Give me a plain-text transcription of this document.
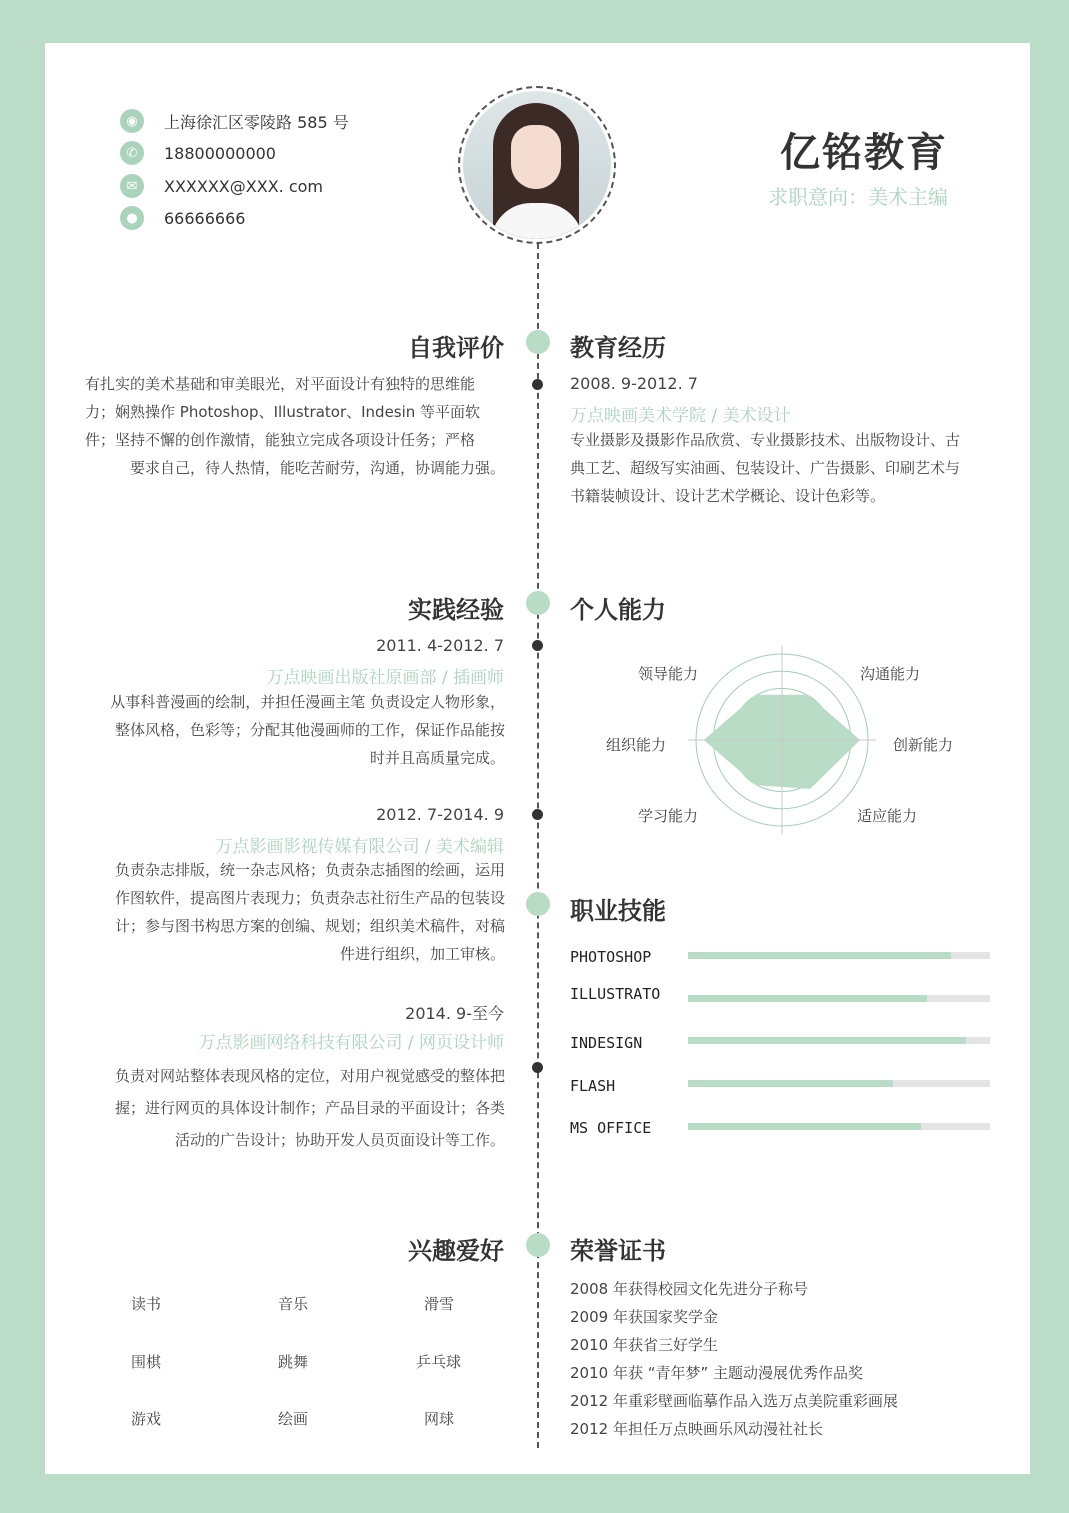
◉	上海徐汇区零陵路 585 号
✆	18800000000
✉	XXXXXX@XXX. com
●	66666666
亿铭教育
求职意向：美术主编
自我评价
有扎实的美术基础和审美眼光，对平面设计有独特的思维能
力；娴熟操作 Photoshop、Illustrator、Indesin 等平面软
件；坚持不懈的创作激情，能独立完成各项设计任务；严格
要求自己，待人热情，能吃苦耐劳，沟通，协调能力强。
教育经历
2008. 9-2012. 7
万点映画美术学院 / 美术设计
专业摄影及摄影作品欣赏、专业摄影技术、出版物设计、古
典工艺、超级写实油画、包装设计、广告摄影、印刷艺术与
书籍装帧设计、设计艺术学概论、设计色彩等。
实践经验
2011. 4-2012. 7
万点映画出版社原画部 / 插画师
从事科普漫画的绘制，并担任漫画主笔 负责设定人物形象，
整体风格，色彩等；分配其他漫画师的工作，保证作品能按
时并且高质量完成。
2012. 7-2014. 9
万点影画影视传媒有限公司 / 美术编辑
负责杂志排版，统一杂志风格；负责杂志插图的绘画，运用
作图软件，提高图片表现力；负责杂志社衍生产品的包装设
计；参与图书构思方案的创编、规划；组织美术稿件，对稿
件进行组织，加工审核。
2014. 9-至今
万点影画网络科技有限公司 / 网页设计师
负责对网站整体表现风格的定位，对用户视觉感受的整体把
握；进行网页的具体设计制作；产品目录的平面设计；各类
活动的广告设计；协助开发人员页面设计等工作。
个人能力
领导能力	沟通能力
创新能力
适应能力
学习能力
组织能力
职业技能
PHOTOSHOP
ILLUSTRATO
INDESIGN
FLASH
MS OFFICE
兴趣爱好
读书	音乐	滑雪
围棋	跳舞	乒乓球
游戏	绘画	网球
荣誉证书
2008 年获得校园文化先进分子称号
2009 年获国家奖学金
2010 年获省三好学生
2010 年获 “青年梦” 主题动漫展优秀作品奖
2012 年重彩壁画临摹作品入选万点美院重彩画展
2012 年担任万点映画乐风动漫社社长
